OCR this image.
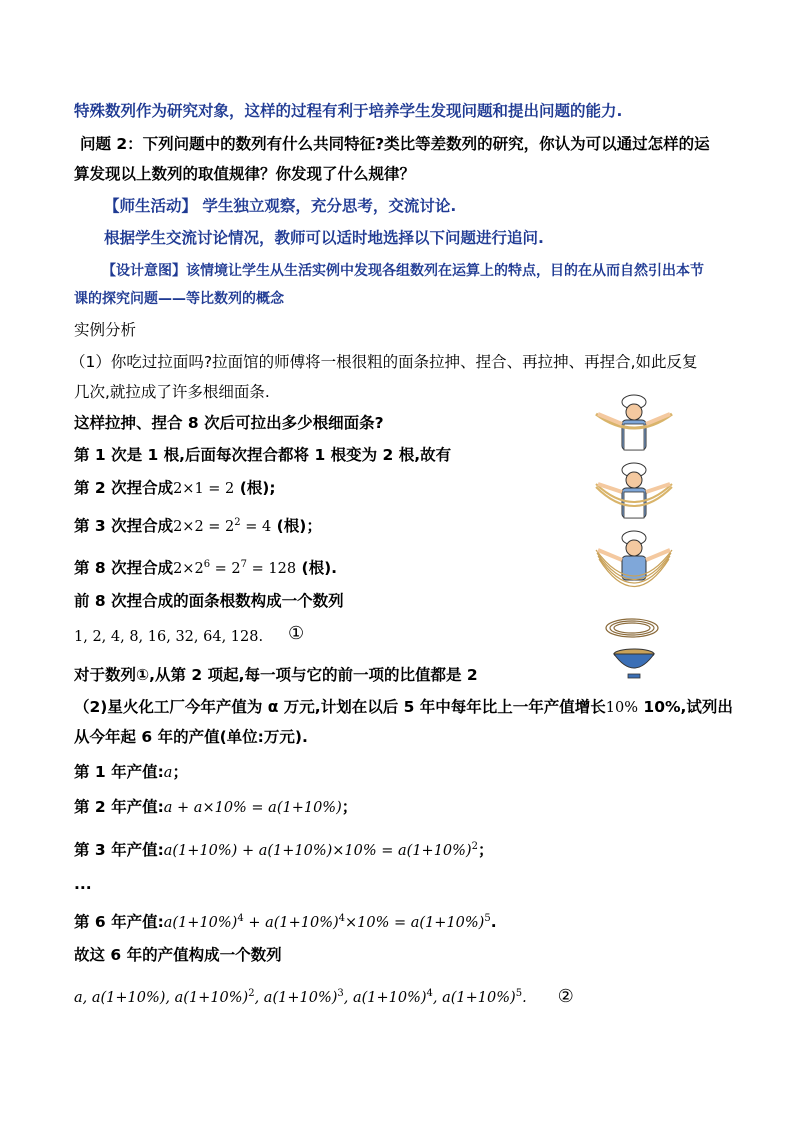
特殊数列作为研究对象，这样的过程有利于培养学生发现问题和提出问题的能力.
问题 2：下列问题中的数列有什么共同特征?类比等差数列的研究，你认为可以通过怎样的运
算发现以上数列的取值规律？你发现了什么规律？
【师生活动】 学生独立观察，充分思考，交流讨论.
根据学生交流讨论情况，教师可以适时地选择以下问题进行追问.
【设计意图】该情境让学生从生活实例中发现各组数列在运算上的特点，目的在从而自然引出本节
课的探究问题——等比数列的概念
实例分析
（1）你吃过拉面吗?拉面馆的师傅将一根很粗的面条拉抻、捏合、再拉抻、再捏合,如此反复
几次,就拉成了许多根细面条.
这样拉抻、捏合 8 次后可拉出多少根细面条?
第 1 次是 1 根,后面每次捏合都将 1 根变为 2 根,故有
第 2 次捏合成2×1 = 2 (根);
第 3 次捏合成$2\times 2 = 2^2 = 4$ (根)；
第 8 次捏合成$2\times 2^6 = 2^7 = 128$ (根).
前 8 次捏合成的面条根数构成一个数列
1, 2, 4, 8, 16, 32, 64, 128. ①
对于数列①,从第 2 项起,每一项与它的前一项的比值都是 2
（2)星火化工厂今年产值为 α 万元,计划在以后 5 年中每年比上一年产值增长10% 10%,试列出
从今年起 6 年的产值(单位:万元).
第 1 年产值:a；
第 2 年产值:a + a×10% = a(1+10%)；
第 3 年产值:a(1+10%) + $a(1+10\%)\times 10\% = a(1+10\%)^2$；
...
第 6 年产值$:a(1+10\%)^4 + a(1+10\%)^4\times 10\% = a(1+10\%)^5$.
故这 6 年的产值构成一个数列
a, a(1+10%), $a(1+10\%)^2$, $a(1+10\%)^3$, $a(1+10\%)^4$, $a(1+10\%)^5$. ②
